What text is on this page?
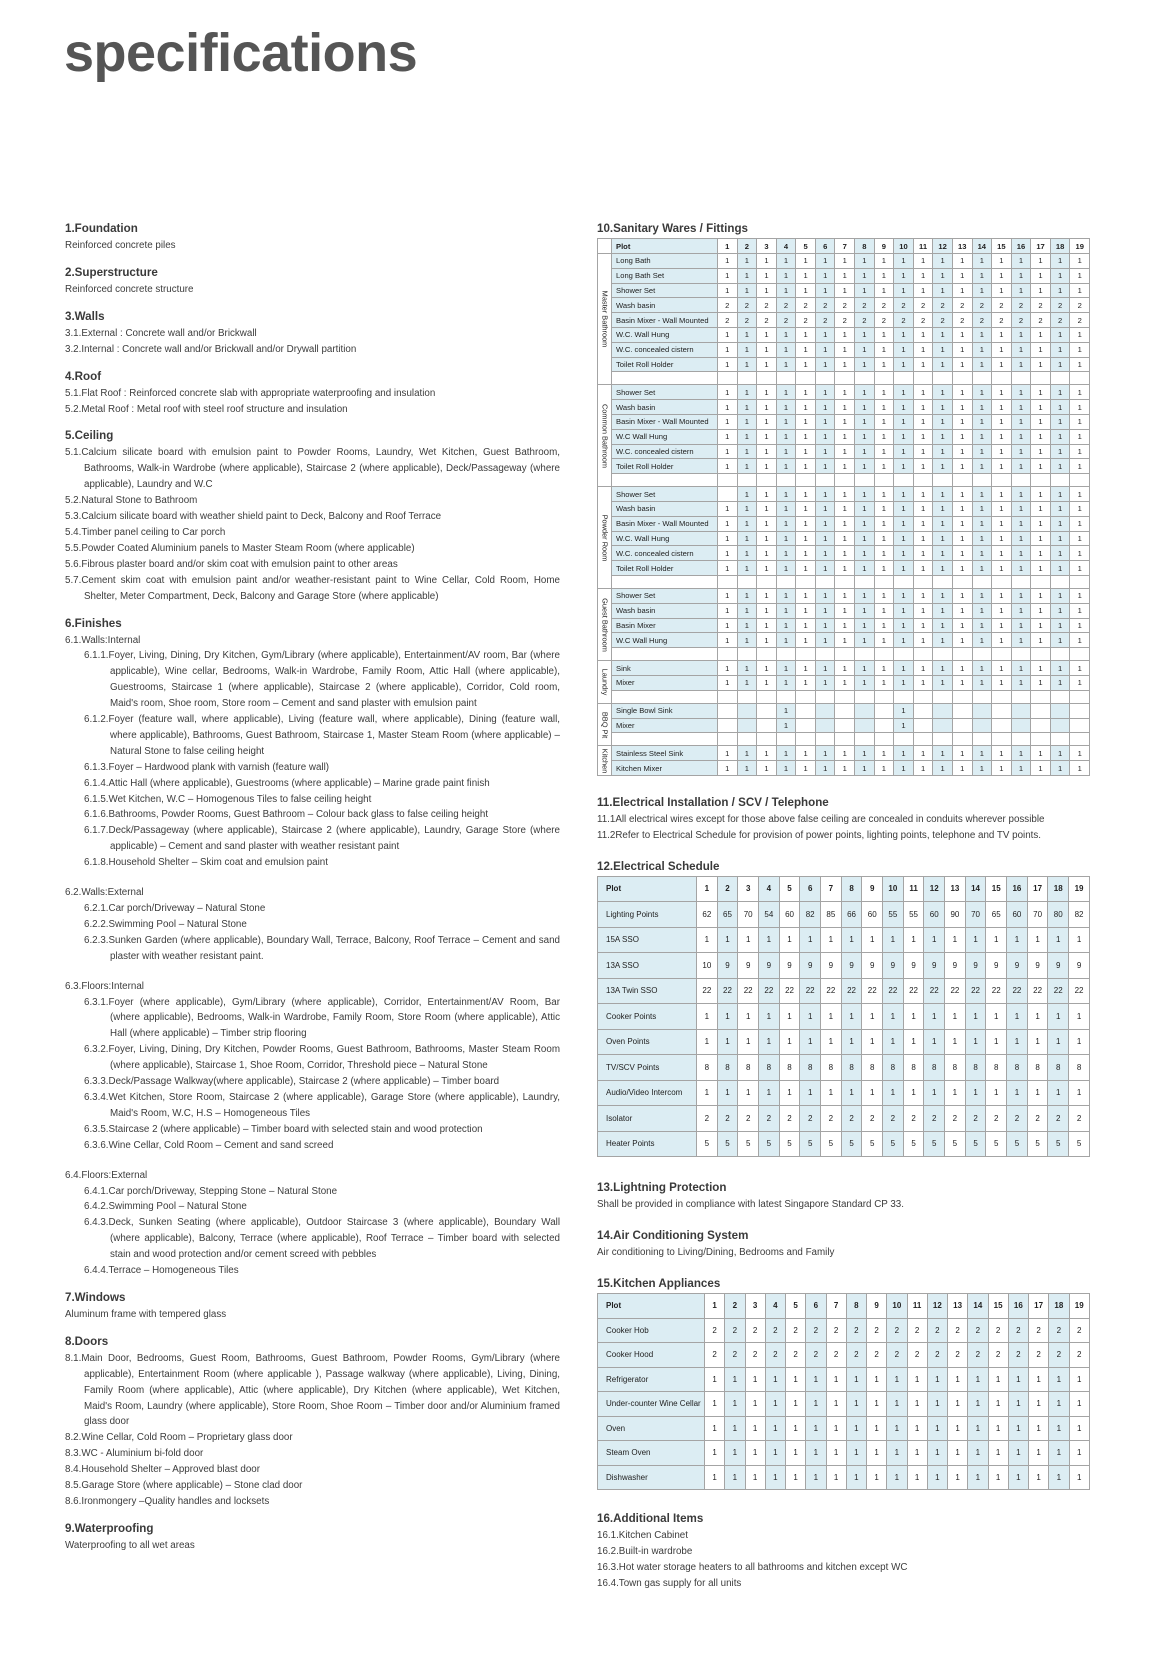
specifications
1.Foundation
Reinforced concrete piles
2.Superstructure
Reinforced concrete structure
3.Walls
3.1.External : Concrete wall and/or Brickwall
3.2.Internal : Concrete wall and/or Brickwall and/or Drywall partition
4.Roof
5.1.Flat Roof : Reinforced concrete slab with appropriate waterproofing and insulation
5.2.Metal Roof : Metal roof with steel roof structure and insulation
5.Ceiling
5.1.Calcium silicate board with emulsion paint to Powder Rooms, Laundry, Wet Kitchen, Guest Bathroom, Bathrooms, Walk-in Wardrobe (where applicable), Staircase 2 (where applicable), Deck/Passageway (where applicable), Laundry and W.C
5.2.Natural Stone to Bathroom
5.3.Calcium silicate board with weather shield paint to Deck, Balcony and Roof Terrace
5.4.Timber panel ceiling to Car porch
5.5.Powder Coated Aluminium panels to Master Steam Room (where applicable)
5.6.Fibrous plaster board and/or skim coat with emulsion paint to other areas
5.7.Cement skim coat with emulsion paint and/or weather-resistant paint to Wine Cellar, Cold Room, Home Shelter, Meter Compartment, Deck, Balcony and Garage Store (where applicable)
6.Finishes
6.1.Walls:Internal
6.1.1.Foyer, Living, Dining, Dry Kitchen, Gym/Library (where applicable), Entertainment/AV room, Bar (where applicable), Wine cellar, Bedrooms, Walk-in Wardrobe, Family Room, Attic Hall (where applicable), Guestrooms, Staircase 1 (where applicable), Staircase 2 (where applicable), Corridor, Cold room, Maid's room, Shoe room, Store room – Cement and sand plaster with emulsion paint
6.1.2.Foyer (feature wall, where applicable), Living (feature wall, where applicable), Dining (feature wall, where applicable), Bathrooms, Guest Bathroom, Staircase 1, Master Steam Room (where applicable) – Natural Stone to false ceiling height
6.1.3.Foyer – Hardwood plank with varnish (feature wall)
6.1.4.Attic Hall (where applicable), Guestrooms (where applicable) – Marine grade paint finish
6.1.5.Wet Kitchen, W.C – Homogenous Tiles to false ceiling height
6.1.6.Bathrooms, Powder Rooms, Guest Bathroom – Colour back glass to false ceiling height
6.1.7.Deck/Passageway (where applicable), Staircase 2 (where applicable), Laundry, Garage Store (where applicable) – Cement and sand plaster with weather resistant paint
6.1.8.Household Shelter – Skim coat and emulsion paint
6.2.Walls:External
6.2.1.Car porch/Driveway – Natural Stone
6.2.2.Swimming Pool – Natural Stone
6.2.3.Sunken Garden (where applicable), Boundary Wall, Terrace, Balcony, Roof Terrace – Cement and sand plaster with weather resistant paint.
6.3.Floors:Internal
6.3.1.Foyer (where applicable), Gym/Library (where applicable), Corridor, Entertainment/AV Room, Bar (where applicable), Bedrooms, Walk-in Wardrobe, Family Room, Store Room (where applicable), Attic Hall (where applicable) – Timber strip flooring
6.3.2.Foyer, Living, Dining, Dry Kitchen, Powder Rooms, Guest Bathroom, Bathrooms, Master Steam Room (where applicable), Staircase 1, Shoe Room, Corridor, Threshold piece – Natural Stone
6.3.3.Deck/Passage Walkway(where applicable), Staircase 2 (where applicable) – Timber board
6.3.4.Wet Kitchen, Store Room, Staircase 2 (where applicable), Garage Store (where applicable), Laundry, Maid's Room, W.C, H.S – Homogeneous Tiles
6.3.5.Staircase 2 (where applicable) – Timber board with selected stain and wood protection
6.3.6.Wine Cellar, Cold Room – Cement and sand screed
6.4.Floors:External
6.4.1.Car porch/Driveway, Stepping Stone – Natural Stone
6.4.2.Swimming Pool – Natural Stone
6.4.3.Deck, Sunken Seating (where applicable), Outdoor Staircase 3 (where applicable), Boundary Wall (where applicable), Balcony, Terrace (where applicable), Roof Terrace – Timber board with selected stain and wood protection and/or cement screed with pebbles
6.4.4.Terrace – Homogeneous Tiles
7.Windows
Aluminum frame with tempered glass
8.Doors
8.1.Main Door, Bedrooms, Guest Room, Bathrooms, Guest Bathroom, Powder Rooms, Gym/Library (where applicable), Entertainment Room (where applicable ), Passage walkway (where applicable), Living, Dining, Family Room (where applicable), Attic (where applicable), Dry Kitchen (where applicable), Wet Kitchen, Maid's Room, Laundry (where applicable), Store Room, Shoe Room – Timber door and/or Aluminium framed glass door
8.2.Wine Cellar, Cold Room – Proprietary glass door
8.3.WC - Aluminium bi-fold door
8.4.Household Shelter – Approved blast door
8.5.Garage Store (where applicable) – Stone clad door
8.6.Ironmongery –Quality handles and locksets
9.Waterproofing
Waterproofing to all wet areas
10.Sanitary Wares / Fittings
	Plot	1	2	3	4	5	6	7	8	9	10	11	12	13	14	15	16	17	18	19

Master Bathroom	Long Bath	1	1	1	1	1	1	1	1	1	1	1	1	1	1	1	1	1	1	1
	Long Bath Set	1	1	1	1	1	1	1	1	1	1	1	1	1	1	1	1	1	1	1
	Shower Set	1	1	1	1	1	1	1	1	1	1	1	1	1	1	1	1	1	1	1
	Wash basin	2	2	2	2	2	2	2	2	2	2	2	2	2	2	2	2	2	2	2
	Basin Mixer - Wall Mounted	2	2	2	2	2	2	2	2	2	2	2	2	2	2	2	2	2	2	2
	W.C. Wall Hung	1	1	1	1	1	1	1	1	1	1	1	1	1	1	1	1	1	1	1
	W.C. concealed cistern	1	1	1	1	1	1	1	1	1	1	1	1	1	1	1	1	1	1	1
	Toilet Roll Holder	1	1	1	1	1	1	1	1	1	1	1	1	1	1	1	1	1	1	1

Common Bathroom	Shower Set	1	1	1	1	1	1	1	1	1	1	1	1	1	1	1	1	1	1	1
	Wash basin	1	1	1	1	1	1	1	1	1	1	1	1	1	1	1	1	1	1	1
	Basin Mixer - Wall Mounted	1	1	1	1	1	1	1	1	1	1	1	1	1	1	1	1	1	1	1
	W.C Wall Hung	1	1	1	1	1	1	1	1	1	1	1	1	1	1	1	1	1	1	1
	W.C. concealed cistern	1	1	1	1	1	1	1	1	1	1	1	1	1	1	1	1	1	1	1
	Toilet Roll Holder	1	1	1	1	1	1	1	1	1	1	1	1	1	1	1	1	1	1	1

Powder Room	Shower Set		1	1	1	1	1	1	1	1	1	1	1	1	1	1	1	1	1	1
	Wash basin	1	1	1	1	1	1	1	1	1	1	1	1	1	1	1	1	1	1	1
	Basin Mixer - Wall Mounted	1	1	1	1	1	1	1	1	1	1	1	1	1	1	1	1	1	1	1
	W.C. Wall Hung	1	1	1	1	1	1	1	1	1	1	1	1	1	1	1	1	1	1	1
	W.C. concealed cistern	1	1	1	1	1	1	1	1	1	1	1	1	1	1	1	1	1	1	1
	Toilet Roll Holder	1	1	1	1	1	1	1	1	1	1	1	1	1	1	1	1	1	1	1

Guest Bathroom	Shower Set	1	1	1	1	1	1	1	1	1	1	1	1	1	1	1	1	1	1	1
	Wash basin	1	1	1	1	1	1	1	1	1	1	1	1	1	1	1	1	1	1	1
	Basin Mixer	1	1	1	1	1	1	1	1	1	1	1	1	1	1	1	1	1	1	1
	W.C Wall Hung	1	1	1	1	1	1	1	1	1	1	1	1	1	1	1	1	1	1	1

Laundry	Sink	1	1	1	1	1	1	1	1	1	1	1	1	1	1	1	1	1	1	1
	Mixer	1	1	1	1	1	1	1	1	1	1	1	1	1	1	1	1	1	1	1

BBQ Pit	Single Bowl Sink				1						1									
	Mixer				1						1									

Kitchen	Stainless Steel Sink	1	1	1	1	1	1	1	1	1	1	1	1	1	1	1	1	1	1	1
	Kitchen Mixer	1	1	1	1	1	1	1	1	1	1	1	1	1	1	1	1	1	1	1
11.Electrical Installation / SCV / Telephone
11.1All electrical wires except for those above false ceiling are concealed in conduits wherever possible
11.2Refer to Electrical Schedule for provision of power points, lighting points, telephone and TV points.
12.Electrical Schedule
Plot	1	2	3	4	5	6	7	8	9	10	11	12	13	14	15	16	17	18	19
Lighting Points	62	65	70	54	60	82	85	66	60	55	55	60	90	70	65	60	70	80	82
15A SSO	1	1	1	1	1	1	1	1	1	1	1	1	1	1	1	1	1	1	1
13A SSO	10	9	9	9	9	9	9	9	9	9	9	9	9	9	9	9	9	9	9
13A Twin SSO	22	22	22	22	22	22	22	22	22	22	22	22	22	22	22	22	22	22	22
Cooker Points	1	1	1	1	1	1	1	1	1	1	1	1	1	1	1	1	1	1	1
Oven Points	1	1	1	1	1	1	1	1	1	1	1	1	1	1	1	1	1	1	1
TV/SCV Points	8	8	8	8	8	8	8	8	8	8	8	8	8	8	8	8	8	8	8
Audio/Video Intercom	1	1	1	1	1	1	1	1	1	1	1	1	1	1	1	1	1	1	1
Isolator	2	2	2	2	2	2	2	2	2	2	2	2	2	2	2	2	2	2	2
Heater Points	5	5	5	5	5	5	5	5	5	5	5	5	5	5	5	5	5	5	5
13.Lightning Protection
Shall be provided in compliance with latest Singapore Standard CP 33.
14.Air Conditioning System
Air conditioning to Living/Dining, Bedrooms and Family
15.Kitchen Appliances
Plot	1	2	3	4	5	6	7	8	9	10	11	12	13	14	15	16	17	18	19
Cooker Hob	2	2	2	2	2	2	2	2	2	2	2	2	2	2	2	2	2	2	2
Cooker Hood	2	2	2	2	2	2	2	2	2	2	2	2	2	2	2	2	2	2	2
Refrigerator	1	1	1	1	1	1	1	1	1	1	1	1	1	1	1	1	1	1	1
Under-counter Wine Cellar	1	1	1	1	1	1	1	1	1	1	1	1	1	1	1	1	1	1	1
Oven	1	1	1	1	1	1	1	1	1	1	1	1	1	1	1	1	1	1	1
Steam Oven	1	1	1	1	1	1	1	1	1	1	1	1	1	1	1	1	1	1	1
Dishwasher	1	1	1	1	1	1	1	1	1	1	1	1	1	1	1	1	1	1	1
16.Additional Items
16.1.Kitchen Cabinet
16.2.Built-in wardrobe
16.3.Hot water storage heaters to all bathrooms and kitchen except WC
16.4.Town gas supply for all units
